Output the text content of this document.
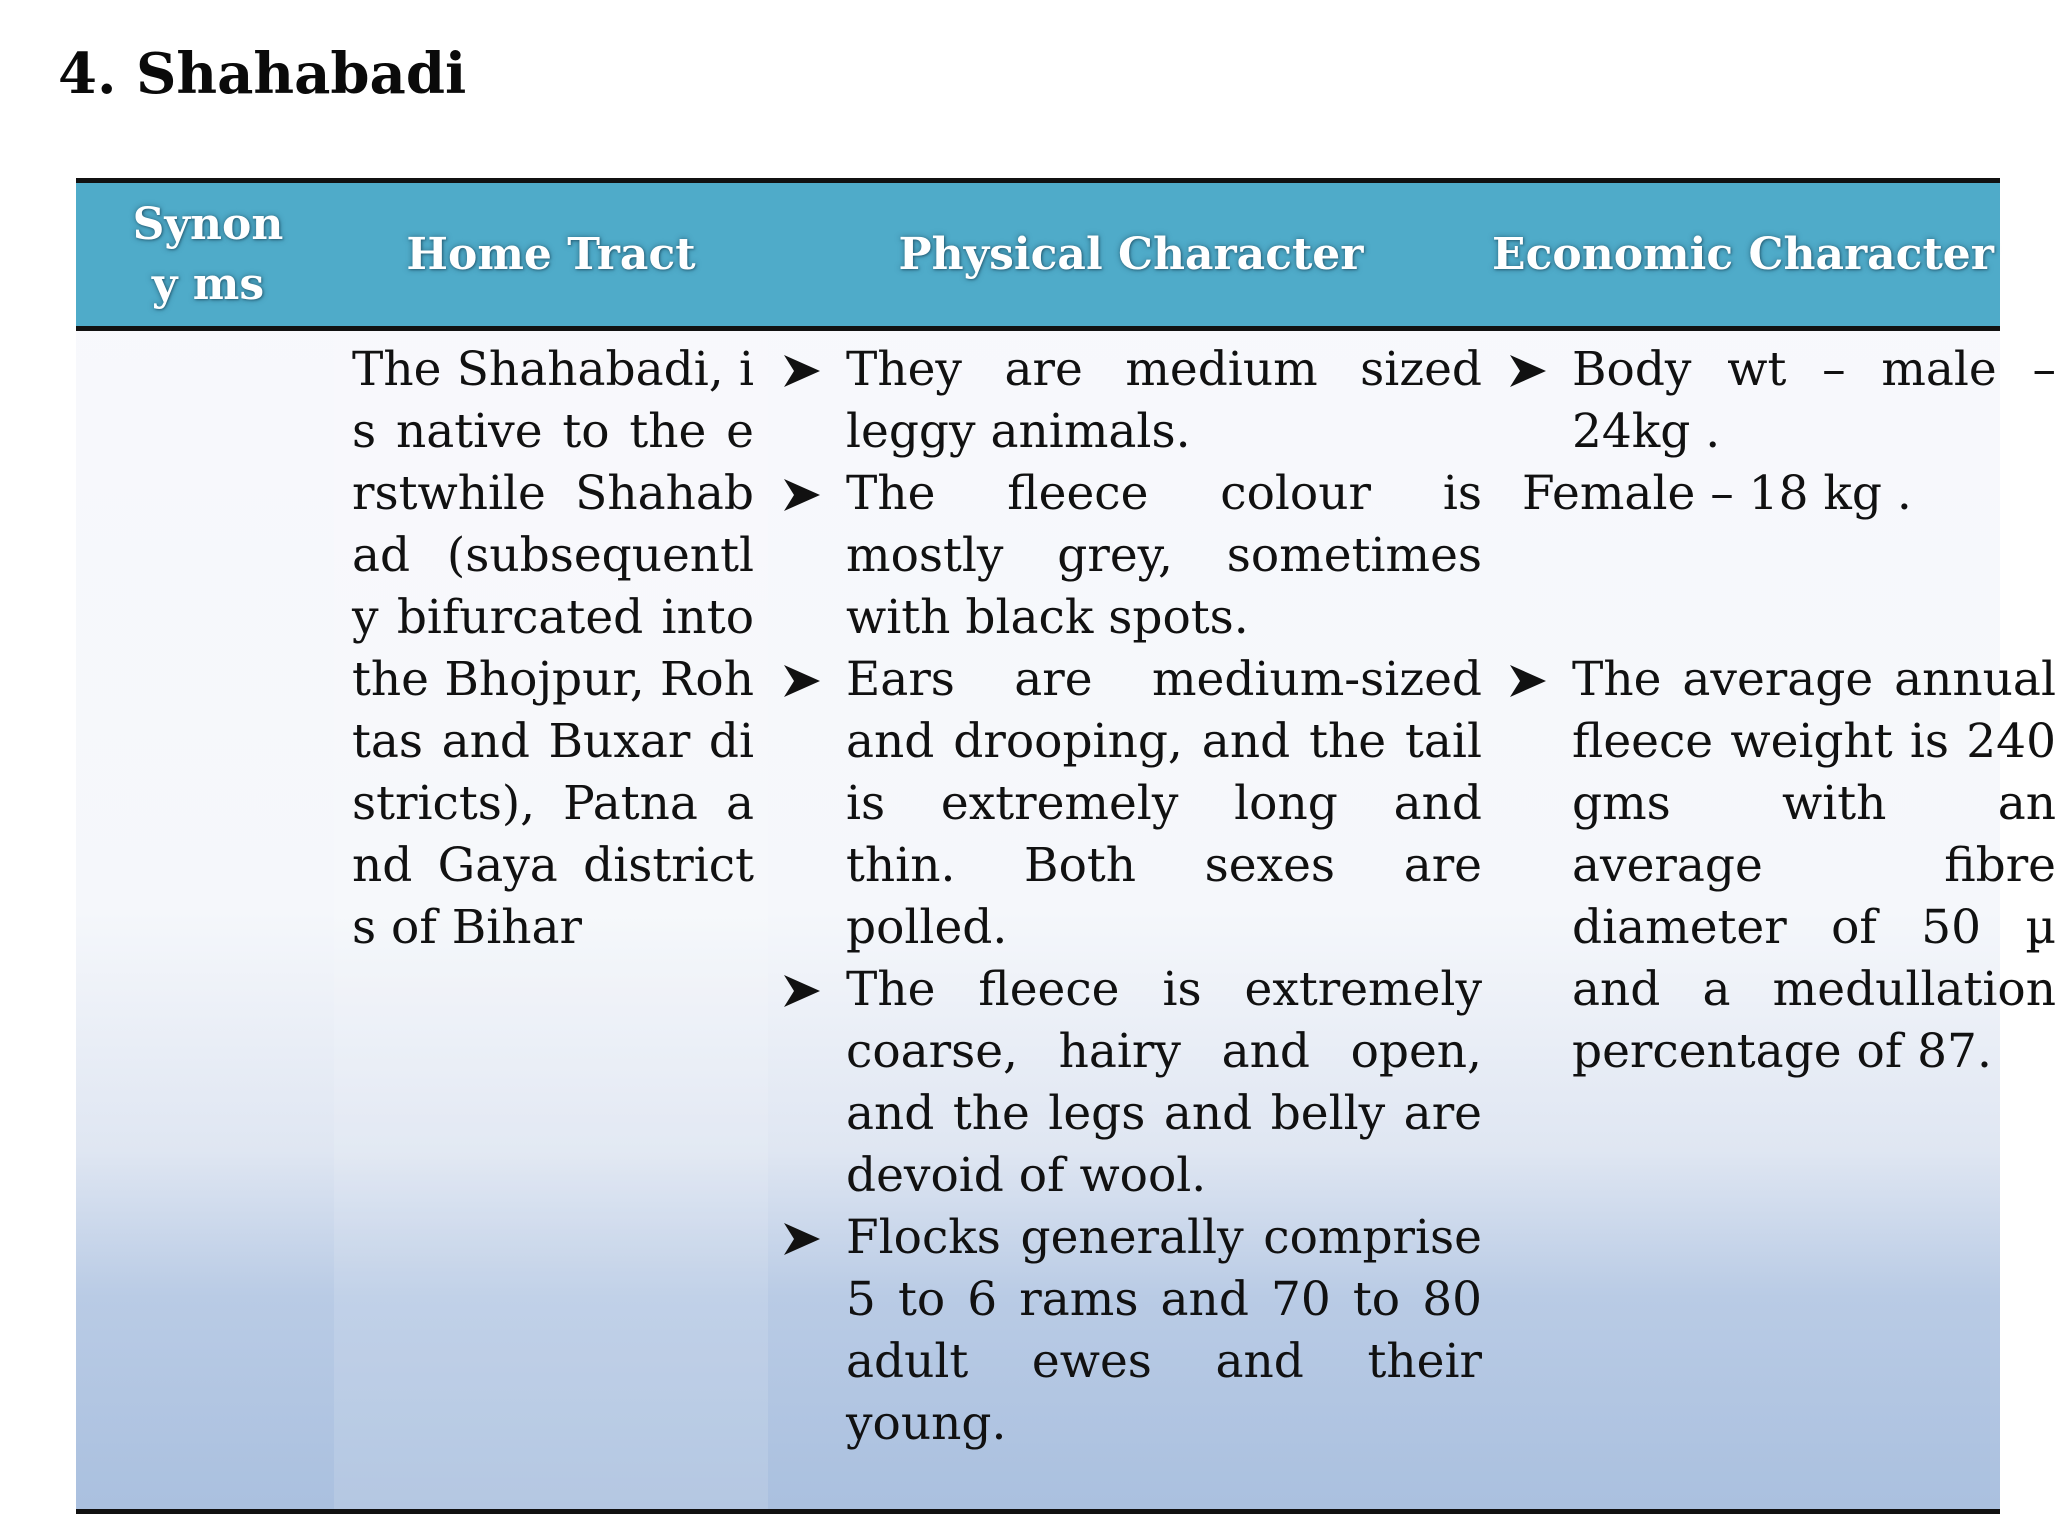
4. Shahabadi
Synony ms
Home Tract	Physical Character	Economic Character
The Shahabadi, is native to the erstwhile Shahabad (subsequently bifurcated into the Bhojpur, Rohtas and Buxar districts), Patna and Gaya districts of Bihar
They are medium sized leggy animals.
The fleece colour is mostly grey, sometimes with black spots.
Ears are medium-sized and drooping, and the tail is extremely long and thin. Both sexes are polled.
The fleece is extremely coarse, hairy and open, and the legs and belly are devoid of wool.
Flocks generally comprise 5 to 6 rams and 70 to 80 adult ewes and their young.
Body wt – male – 24kg .
The average annual fleece weight is 240 gms with an average fibre diameter of 50 µ and a medullation percentage of 87.
Female – 18 kg .
